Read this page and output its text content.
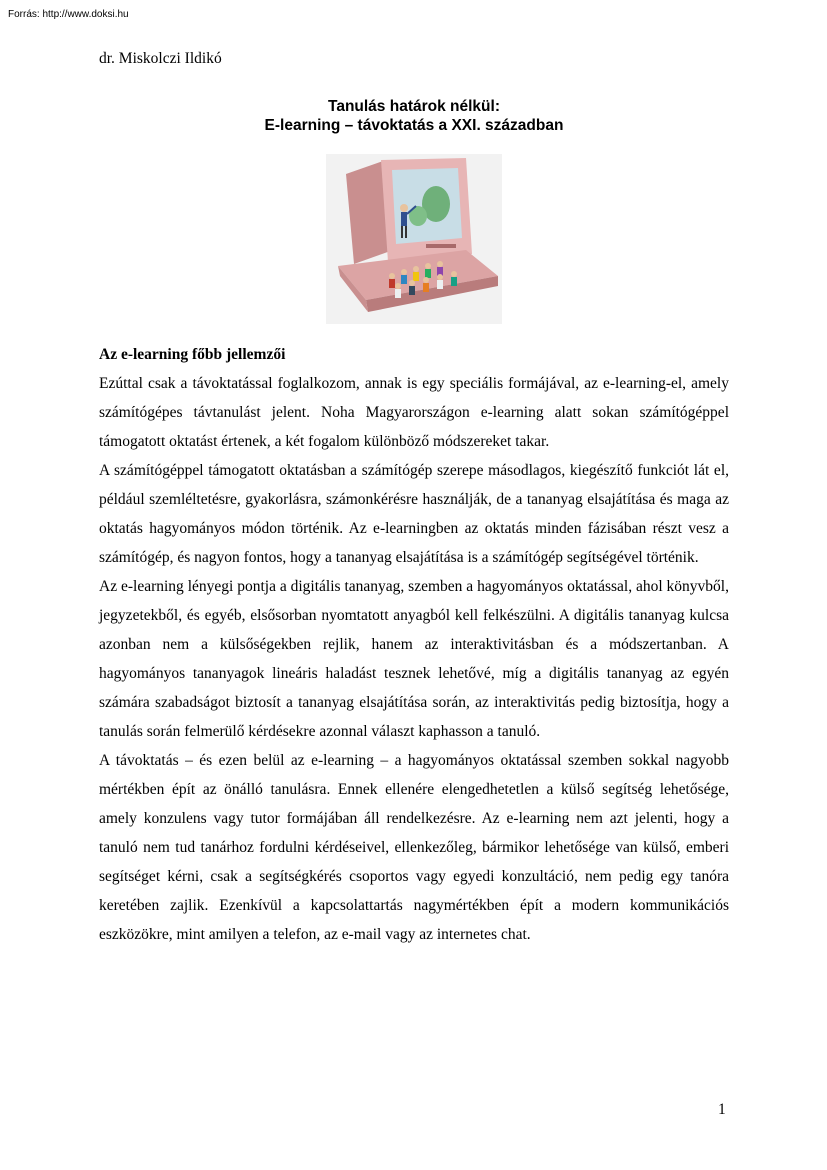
Forrás: http://www.doksi.hu
dr. Miskolczi Ildikó
Tanulás határok nélkül:
E-learning – távoktatás a XXI. században
Az e-learning főbb jellemzői

Ezúttal csak a távoktatással foglalkozom, annak is egy speciális formájával, az e-learning-el, amely számítógépes távtanulást jelent. Noha Magyarországon e-learning alatt sokan számítógéppel támogatott oktatást értenek, a két fogalom különböző módszereket takar.

A számítógéppel támogatott oktatásban a számítógép szerepe másodlagos, kiegészítő funkciót lát el, például szemléltetésre, gyakorlásra, számonkérésre használják, de a tananyag elsajátítása és maga az oktatás hagyományos módon történik. Az e-learningben az oktatás minden fázisában részt vesz a számítógép, és nagyon fontos, hogy a tananyag elsajátítása is a számítógép segítségével történik.

Az e-learning lényegi pontja a digitális tananyag, szemben a hagyományos oktatással, ahol könyvből, jegyzetekből, és egyéb, elsősorban nyomtatott anyagból kell felkészülni. A digitális tananyag kulcsa azonban nem a külsőségekben rejlik, hanem az interaktivitásban és a módszertanban. A hagyományos tananyagok lineáris haladást tesznek lehetővé, míg a digitális tananyag az egyén számára szabadságot biztosít a tananyag elsajátítása során, az interaktivitás pedig biztosítja, hogy a tanulás során felmerülő kérdésekre azonnal választ kaphasson a tanuló.

A távoktatás – és ezen belül az e-learning – a hagyományos oktatással szemben sokkal nagyobb mértékben épít az önálló tanulásra. Ennek ellenére elengedhetetlen a külső segítség lehetősége, amely konzulens vagy tutor formájában áll rendelkezésre. Az e-learning nem azt jelenti, hogy a tanuló nem tud tanárhoz fordulni kérdéseivel, ellenkezőleg, bármikor lehetősége van külső, emberi segítséget kérni, csak a segítségkérés csoportos vagy egyedi konzultáció, nem pedig egy tanóra keretében zajlik. Ezenkívül a kapcsolattartás nagymértékben épít a modern kommunikációs eszközökre, mint amilyen a telefon, az e-mail vagy az internetes chat.

1
